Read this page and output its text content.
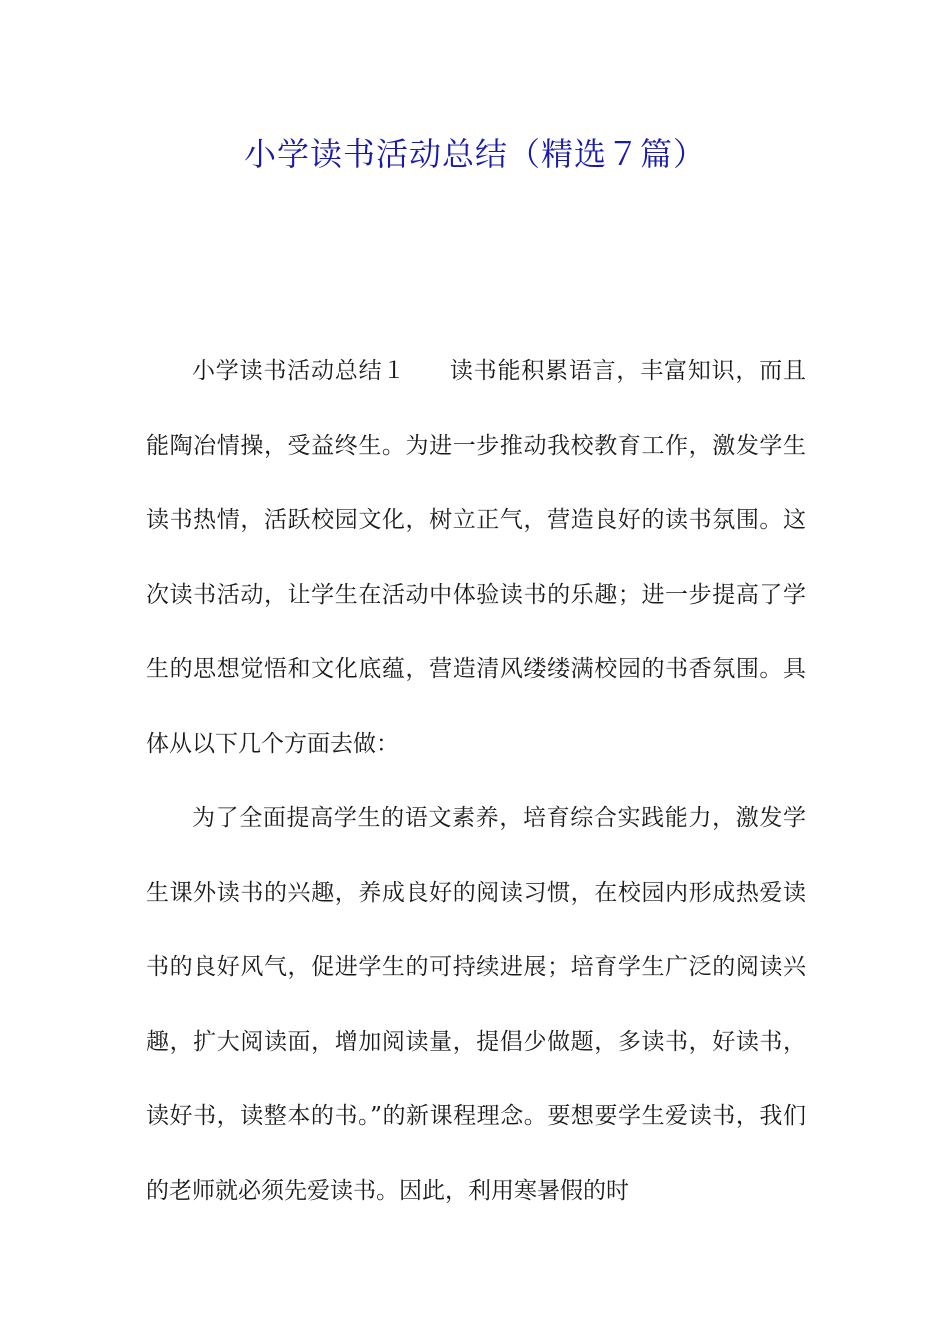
小学读书活动总结（精选７篇）

小学读书活动总结１ 读书能积累语言，丰富知识，而且能陶冶情操，受益终生。为进一步推动我校教育工作，激发学生读书热情，活跃校园文化，树立正气，营造良好的读书氛围。这次读书活动，让学生在活动中体验读书的乐趣；进一步提高了学生的思想觉悟和文化底蕴，营造清风缕缕满校园的书香氛围。具体从以下几个方面去做：

为了全面提高学生的语文素养，培育综合实践能力，激发学生课外读书的兴趣，养成良好的阅读习惯，在校园内形成热爱读书的良好风气，促进学生的可持续进展；培育学生广泛的阅读兴趣，扩大阅读面，增加阅读量，提倡少做题，多读书，好读书，读好书，读整本的书。”的新课程理念。要想要学生爱读书，我们的老师就必须先爱读书。因此，利用寒暑假的时
